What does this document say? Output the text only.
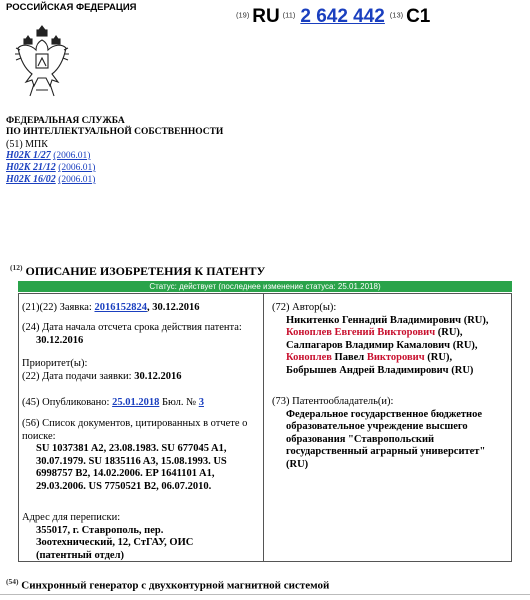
РОССИЙСКАЯ ФЕДЕРАЦИЯ
$^{(19)}$ RU $^{(11)}$ 2 642 442 $^{(13)}$ C1
ФЕДЕРАЛЬНАЯ СЛУЖБА
ПО ИНТЕЛЛЕКТУАЛЬНОЙ СОБСТВЕННОСТИ
(51) МПК
H02K 1/27 (2006.01)
H02K 21/12 (2006.01)
H02K 16/02 (2006.01)
$^{(12)}$ ОПИСАНИЕ ИЗОБРЕТЕНИЯ К ПАТЕНТУ
Статус: действует (последнее изменение статуса: 25.01.2018)
(21)(22) Заявка: 2016152824, 30.12.2016
(24) Дата начала отсчета срока действия патента:
30.12.2016
Приоритет(ы):
(22) Дата подачи заявки: 30.12.2016
(45) Опубликовано: 25.01.2018 Бюл. № 3
(56) Список документов, цитированных в отчете о поиске:
SU 1037381 A2, 23.08.1983. SU 677045 A1, 30.07.1979. SU 1835116 A3, 15.08.1993. US 6998757 B2, 14.02.2006. EP 1641101 A1, 29.03.2006. US 7750521 B2, 06.07.2010.
Адрес для переписки:
355017, г. Ставрополь, пер.
Зоотехнический, 12, СтГАУ, ОИС
(патентный отдел)
(72) Автор(ы):
Никитенко Геннадий Владимирович (RU),
Коноплев Евгений Викторович (RU),
Салпагаров Владимир Камалович (RU),
Коноплев Павел Викторович (RU),
Бобрышев Андрей Владимирович (RU)
(73) Патентообладатель(и):
Федеральное государственное бюджетное образовательное учреждение высшего образования "Ставропольский государственный аграрный университет" (RU)
$^{(54)}$ Синхронный генератор с двухконтурной магнитной системой
